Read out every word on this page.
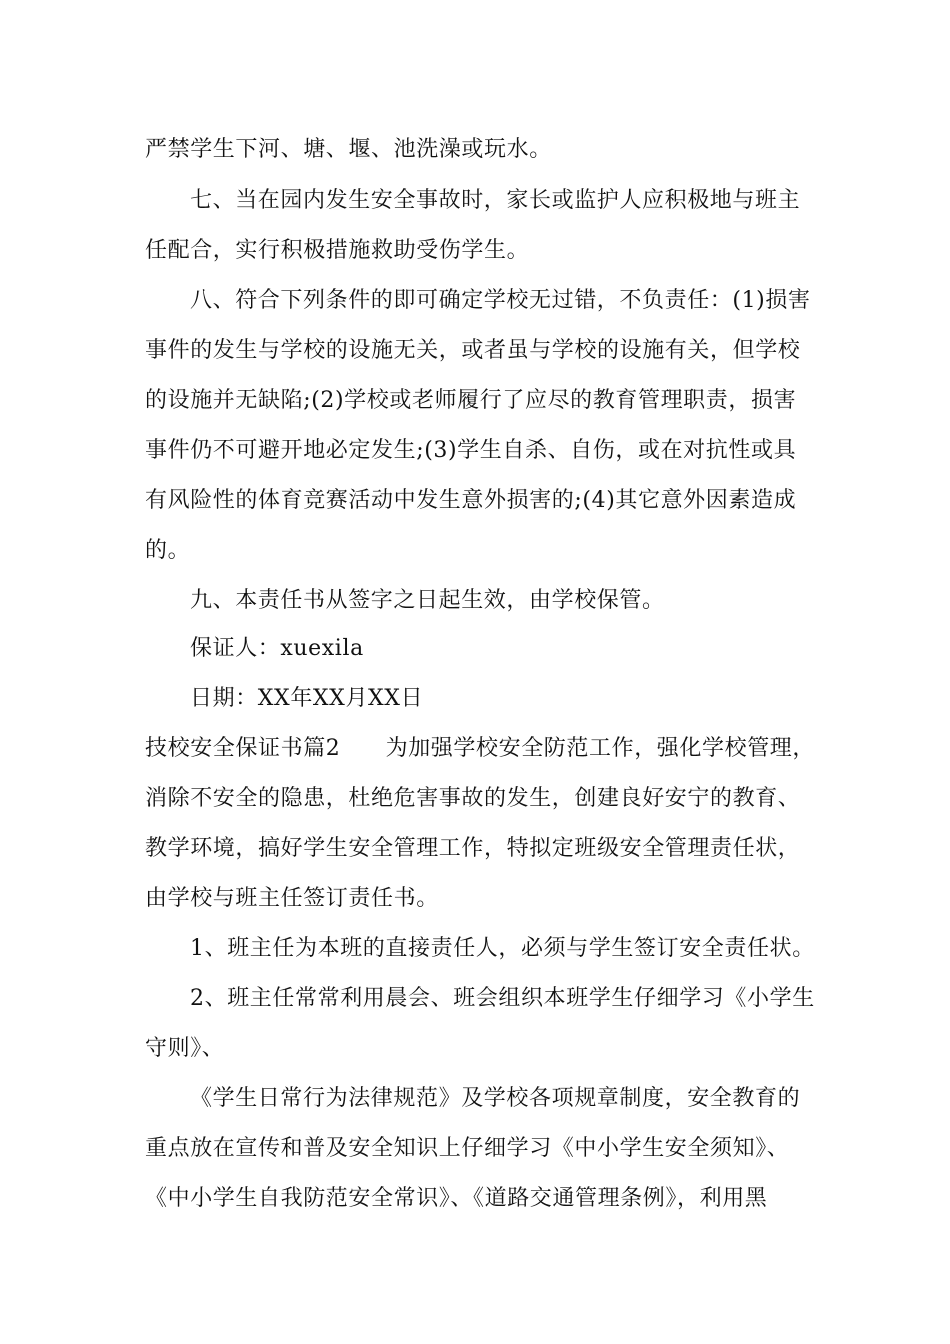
严禁学生下河、塘、堰、池洗澡或玩水。
七、当在园内发生安全事故时，家长或监护人应积极地与班主
任配合，实行积极措施救助受伤学生。
八、符合下列条件的即可确定学校无过错，不负责任：(1)损害
事件的发生与学校的设施无关，或者虽与学校的设施有关，但学校
的设施并无缺陷;(2)学校或老师履行了应尽的教育管理职责，损害
事件仍不可避开地必定发生;(3)学生自杀、自伤，或在对抗性或具
有风险性的体育竞赛活动中发生意外损害的;(4)其它意外因素造成
的。
九、本责任书从签字之日起生效，由学校保管。
保证人：xuexila
日期：XX年XX月XX日
技校安全保证书篇2　　为加强学校安全防范工作，强化学校管理，
消除不安全的隐患，杜绝危害事故的发生，创建良好安宁的教育、
教学环境，搞好学生安全管理工作，特拟定班级安全管理责任状，
由学校与班主任签订责任书。
1、班主任为本班的直接责任人，必须与学生签订安全责任状。
2、班主任常常利用晨会、班会组织本班学生仔细学习《小学生
守则》、
《学生日常行为法律规范》及学校各项规章制度，安全教育的
重点放在宣传和普及安全知识上仔细学习《中小学生安全须知》、
《中小学生自我防范安全常识》、《道路交通管理条例》，利用黑
